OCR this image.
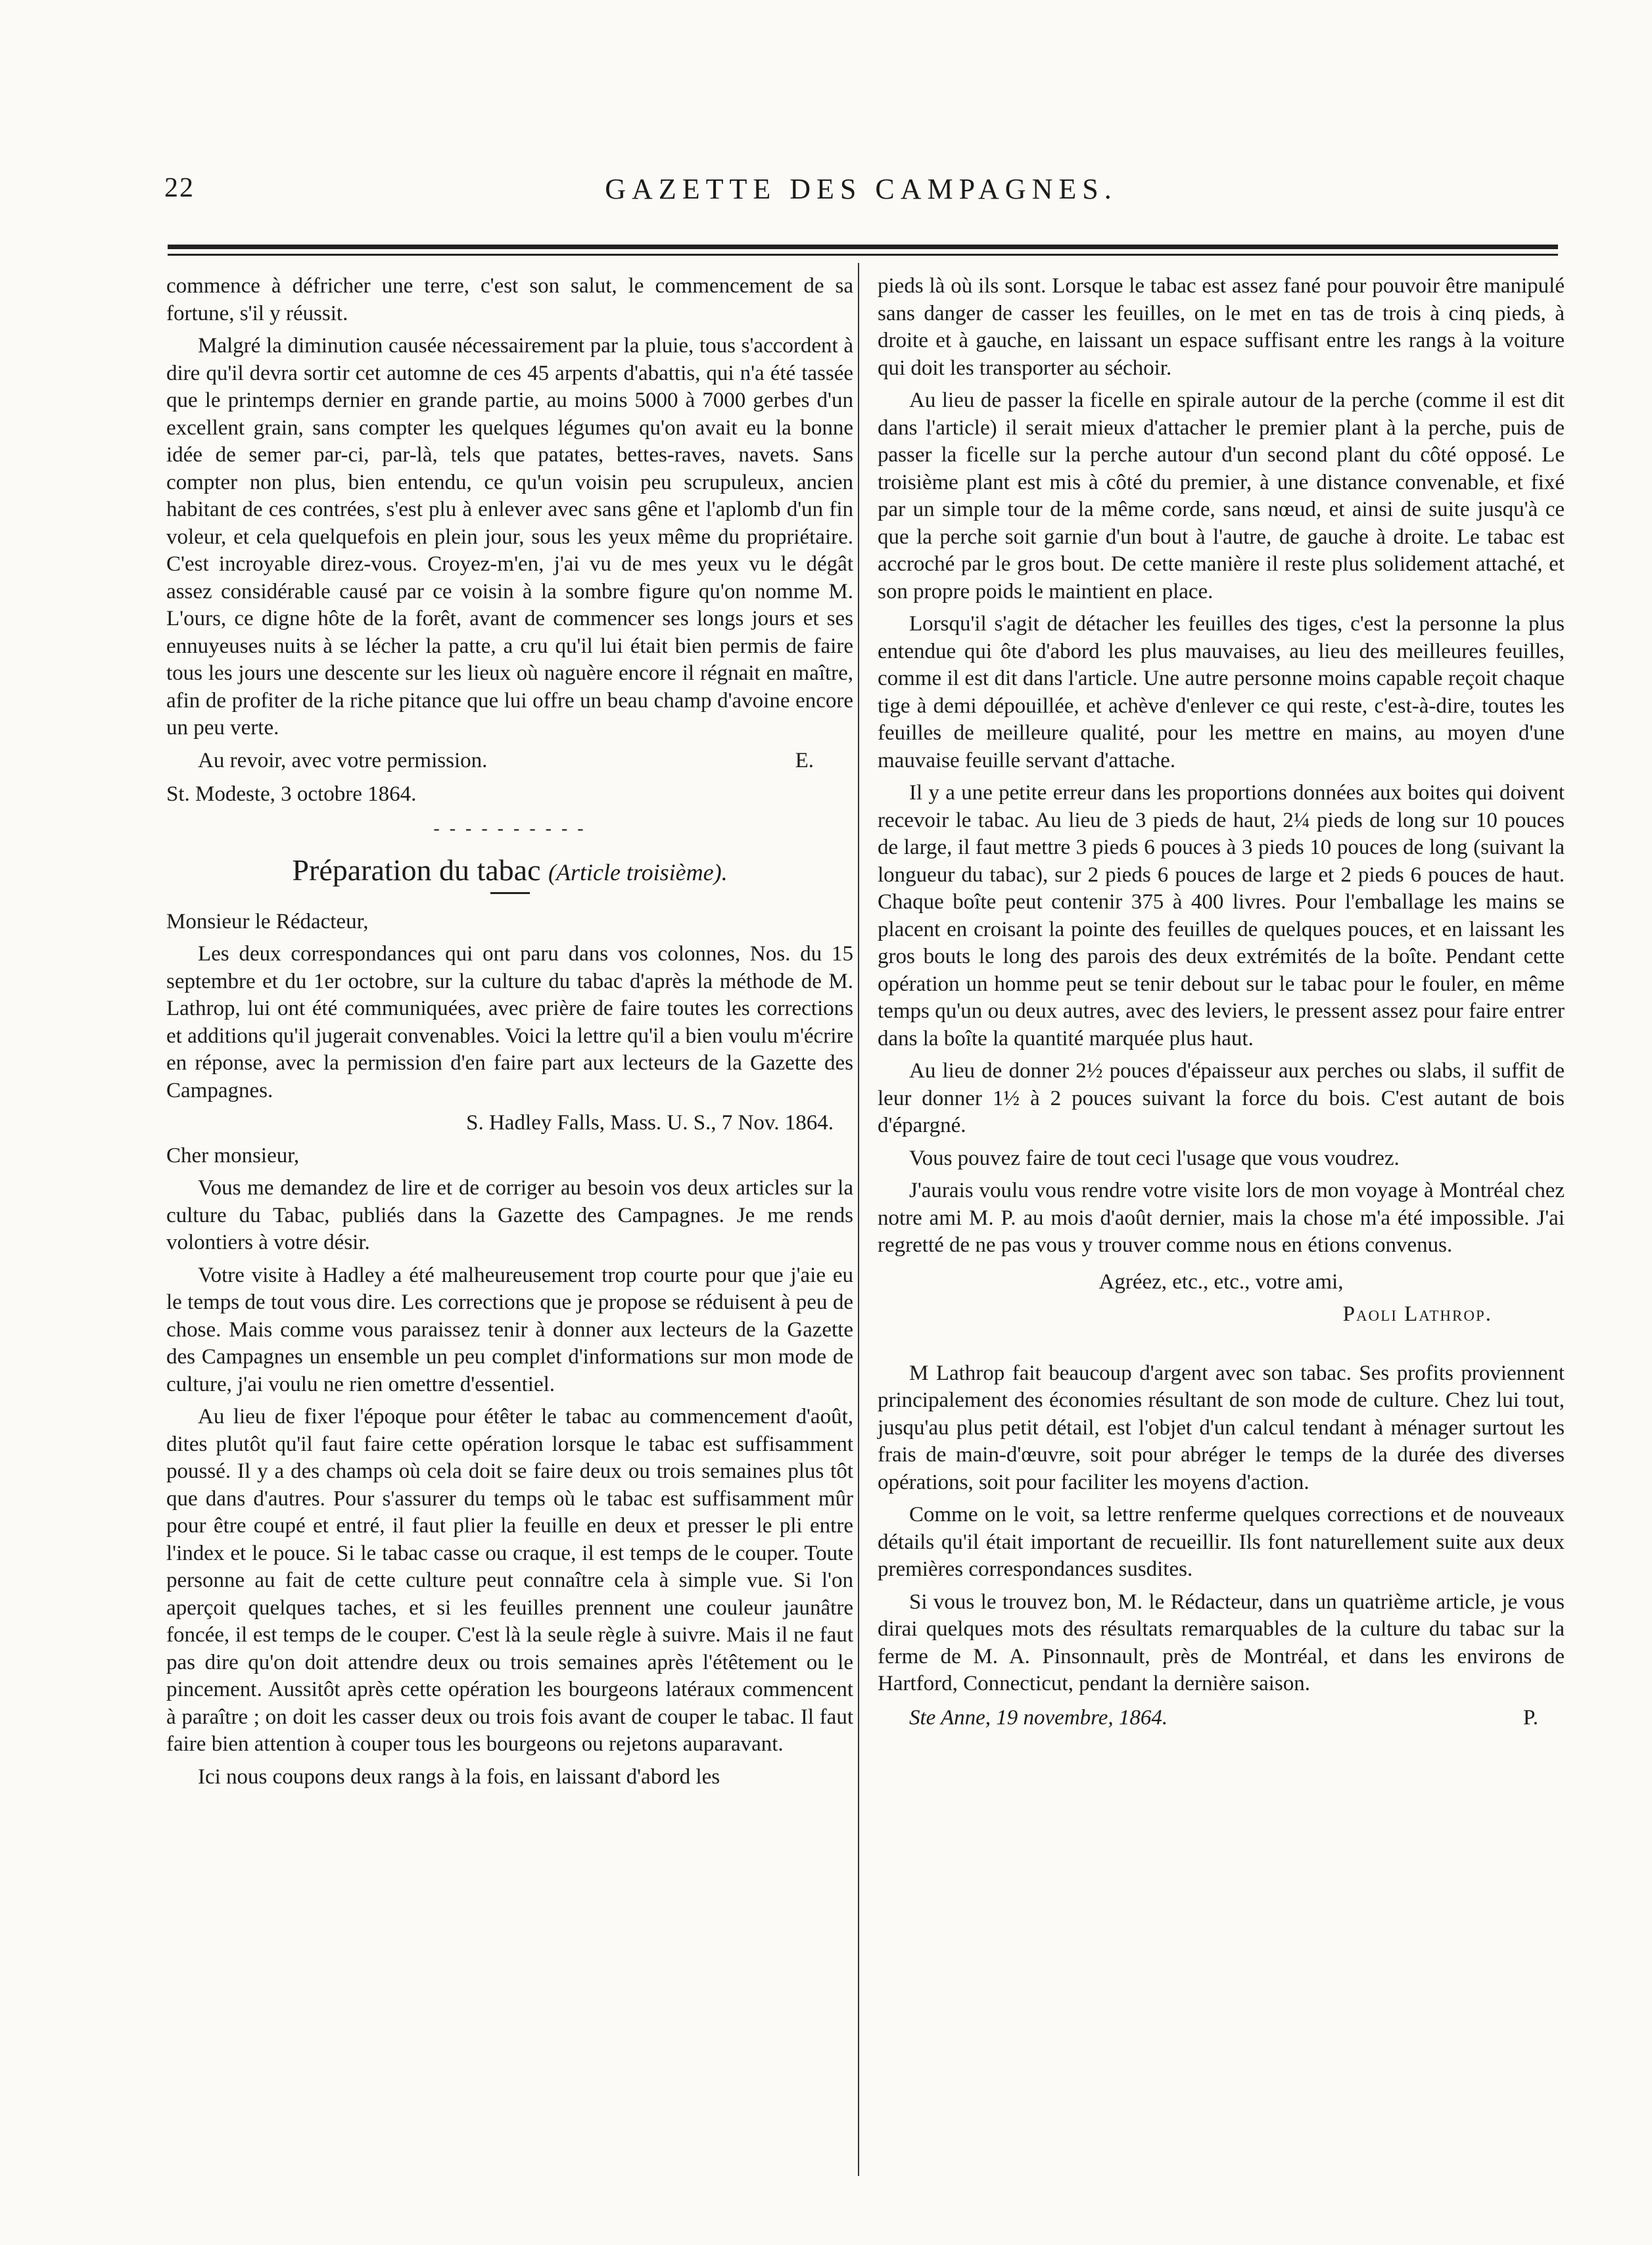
22	GAZETTE DES CAMPAGNES.

commence à défricher une terre, c'est son salut, le commencement de sa fortune, s'il y réussit.

Malgré la diminution causée nécessairement par la pluie, tous s'accordent à dire qu'il devra sortir cet automne de ces 45 arpents d'abattis, qui n'a été tassée que le printemps dernier en grande partie, au moins 5000 à 7000 gerbes d'un excellent grain, sans compter les quelques légumes qu'on avait eu la bonne idée de semer par-ci, par-là, tels que patates, bettes-raves, navets. Sans compter non plus, bien entendu, ce qu'un voisin peu scrupuleux, ancien habitant de ces contrées, s'est plu à enlever avec sans gêne et l'aplomb d'un fin voleur, et cela quelquefois en plein jour, sous les yeux même du propriétaire. C'est incroyable direz-vous. Croyez-m'en, j'ai vu de mes yeux vu le dégât assez considérable causé par ce voisin à la sombre figure qu'on nomme M. L'ours, ce digne hôte de la forêt, avant de commencer ses longs jours et ses ennuyeuses nuits à se lécher la patte, a cru qu'il lui était bien permis de faire tous les jours une descente sur les lieux où naguère encore il régnait en maître, afin de profiter de la riche pitance que lui offre un beau champ d'avoine encore un peu verte.

Au revoir, avec votre permission.	E.

St. Modeste, 3 octobre 1864.

- - - - - - - - - -
Préparation du tabac (Article troisième).

Monsieur le Rédacteur,

Les deux correspondances qui ont paru dans vos colonnes, Nos. du 15 septembre et du 1er octobre, sur la culture du tabac d'après la méthode de M. Lathrop, lui ont été communiquées, avec prière de faire toutes les corrections et additions qu'il jugerait convenables. Voici la lettre qu'il a bien voulu m'écrire en réponse, avec la permission d'en faire part aux lecteurs de la Gazette des Campagnes.

S. Hadley Falls, Mass. U. S., 7 Nov. 1864.

Cher monsieur,

Vous me demandez de lire et de corriger au besoin vos deux articles sur la culture du Tabac, publiés dans la Gazette des Campagnes. Je me rends volontiers à votre désir.

Votre visite à Hadley a été malheureusement trop courte pour que j'aie eu le temps de tout vous dire. Les corrections que je propose se réduisent à peu de chose. Mais comme vous paraissez tenir à donner aux lecteurs de la Gazette des Campagnes un ensemble un peu complet d'informations sur mon mode de culture, j'ai voulu ne rien omettre d'essentiel.

Au lieu de fixer l'époque pour étêter le tabac au commencement d'août, dites plutôt qu'il faut faire cette opération lorsque le tabac est suffisamment poussé. Il y a des champs où cela doit se faire deux ou trois semaines plus tôt que dans d'autres. Pour s'assurer du temps où le tabac est suffisamment mûr pour être coupé et entré, il faut plier la feuille en deux et presser le pli entre l'index et le pouce. Si le tabac casse ou craque, il est temps de le couper. Toute personne au fait de cette culture peut connaître cela à simple vue. Si l'on aperçoit quelques taches, et si les feuilles prennent une couleur jaunâtre foncée, il est temps de le couper. C'est là la seule règle à suivre. Mais il ne faut pas dire qu'on doit attendre deux ou trois semaines après l'étêtement ou le pincement. Aussitôt après cette opération les bourgeons latéraux commencent à paraître ; on doit les casser deux ou trois fois avant de couper le tabac. Il faut faire bien attention à couper tous les bourgeons ou rejetons auparavant.

Ici nous coupons deux rangs à la fois, en laissant d'abord les

pieds là où ils sont. Lorsque le tabac est assez fané pour pouvoir être manipulé sans danger de casser les feuilles, on le met en tas de trois à cinq pieds, à droite et à gauche, en laissant un espace suffisant entre les rangs à la voiture qui doit les transporter au séchoir.

Au lieu de passer la ficelle en spirale autour de la perche (comme il est dit dans l'article) il serait mieux d'attacher le premier plant à la perche, puis de passer la ficelle sur la perche autour d'un second plant du côté opposé. Le troisième plant est mis à côté du premier, à une distance convenable, et fixé par un simple tour de la même corde, sans nœud, et ainsi de suite jusqu'à ce que la perche soit garnie d'un bout à l'autre, de gauche à droite. Le tabac est accroché par le gros bout. De cette manière il reste plus solidement attaché, et son propre poids le maintient en place.

Lorsqu'il s'agit de détacher les feuilles des tiges, c'est la personne la plus entendue qui ôte d'abord les plus mauvaises, au lieu des meilleures feuilles, comme il est dit dans l'article. Une autre personne moins capable reçoit chaque tige à demi dépouillée, et achève d'enlever ce qui reste, c'est-à-dire, toutes les feuilles de meilleure qualité, pour les mettre en mains, au moyen d'une mauvaise feuille servant d'attache.

Il y a une petite erreur dans les proportions données aux boites qui doivent recevoir le tabac. Au lieu de 3 pieds de haut, 2¼ pieds de long sur 10 pouces de large, il faut mettre 3 pieds 6 pouces à 3 pieds 10 pouces de long (suivant la longueur du tabac), sur 2 pieds 6 pouces de large et 2 pieds 6 pouces de haut. Chaque boîte peut contenir 375 à 400 livres. Pour l'emballage les mains se placent en croisant la pointe des feuilles de quelques pouces, et en laissant les gros bouts le long des parois des deux extrémités de la boîte. Pendant cette opération un homme peut se tenir debout sur le tabac pour le fouler, en même temps qu'un ou deux autres, avec des leviers, le pressent assez pour faire entrer dans la boîte la quantité marquée plus haut.

Au lieu de donner 2½ pouces d'épaisseur aux perches ou slabs, il suffit de leur donner 1½ à 2 pouces suivant la force du bois. C'est autant de bois d'épargné.

Vous pouvez faire de tout ceci l'usage que vous voudrez.

J'aurais voulu vous rendre votre visite lors de mon voyage à Montréal chez notre ami M. P. au mois d'août dernier, mais la chose m'a été impossible. J'ai regretté de ne pas vous y trouver comme nous en étions convenus.

Agréez, etc., etc., votre ami,

Paoli Lathrop.

M Lathrop fait beaucoup d'argent avec son tabac. Ses profits proviennent principalement des économies résultant de son mode de culture. Chez lui tout, jusqu'au plus petit détail, est l'objet d'un calcul tendant à ménager surtout les frais de main-d'œuvre, soit pour abréger le temps de la durée des diverses opérations, soit pour faciliter les moyens d'action.

Comme on le voit, sa lettre renferme quelques corrections et de nouveaux détails qu'il était important de recueillir. Ils font naturellement suite aux deux premières correspondances susdites.

Si vous le trouvez bon, M. le Rédacteur, dans un quatrième article, je vous dirai quelques mots des résultats remarquables de la culture du tabac sur la ferme de M. A. Pinsonnault, près de Montréal, et dans les environs de Hartford, Connecticut, pendant la dernière saison.

Ste Anne, 19 novembre, 1864.	P.
